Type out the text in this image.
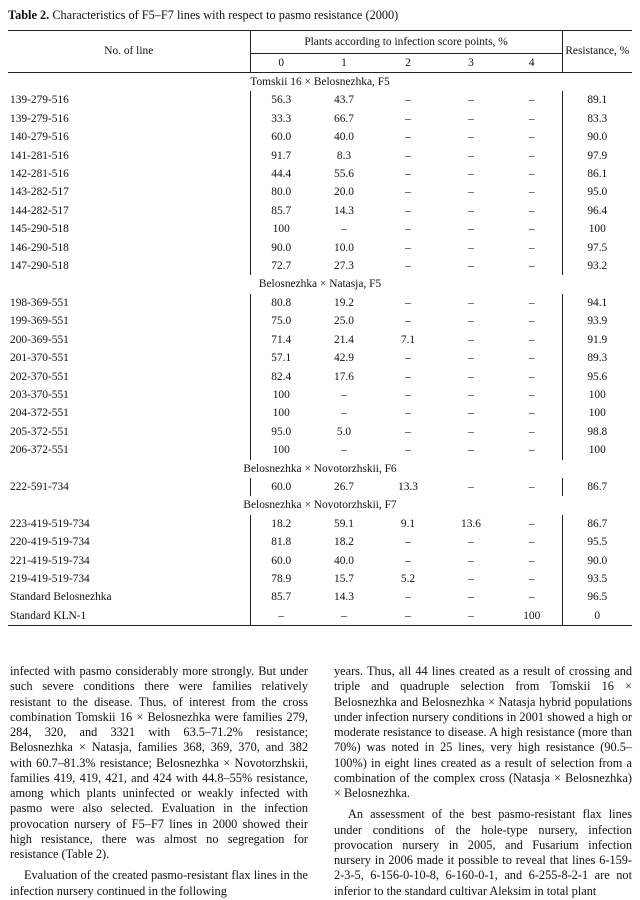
Table 2. Characteristics of F5–F7 lines with respect to pasmo resistance (2000)
No. of line	Plants according to infection score points, %					Resistance, %
	0	1	2	3	4	
Tomskii 16 × Belosnezhka, F5						
139-279-516	56.3	43.7	–	–	–	89.1
139-279-516	33.3	66.7	–	–	–	83.3
140-279-516	60.0	40.0	–	–	–	90.0
141-281-516	91.7	8.3	–	–	–	97.9
142-281-516	44.4	55.6	–	–	–	86.1
143-282-517	80.0	20.0	–	–	–	95.0
144-282-517	85.7	14.3	–	–	–	96.4
145-290-518	100	–	–	–	–	100
146-290-518	90.0	10.0	–	–	–	97.5
147-290-518	72.7	27.3	–	–	–	93.2
Belosnezhka × Natasja, F5						
198-369-551	80.8	19.2	–	–	–	94.1
199-369-551	75.0	25.0	–	–	–	93.9
200-369-551	71.4	21.4	7.1	–	–	91.9
201-370-551	57.1	42.9	–	–	–	89.3
202-370-551	82.4	17.6	–	–	–	95.6
203-370-551	100	–	–	–	–	100
204-372-551	100	–	–	–	–	100
205-372-551	95.0	5.0	–	–	–	98.8
206-372-551	100	–	–	–	–	100
Belosnezhka × Novotorzhskii, F6						
222-591-734	60.0	26.7	13.3	–	–	86.7
Belosnezhka × Novotorzhskii, F7						
223-419-519-734	18.2	59.1	9.1	13.6	–	86.7
220-419-519-734	81.8	18.2	–	–	–	95.5
221-419-519-734	60.0	40.0	–	–	–	90.0
219-419-519-734	78.9	15.7	5.2	–	–	93.5
Standard Belosnezhka	85.7	14.3	–	–	–	96.5
Standard KLN-1	–	–	–	–	100	0

infected with pasmo considerably more strongly. But under such severe conditions there were families relatively resistant to the disease. Thus, of interest from the cross combination Tomskii 16 × Belosnezhka were families 279, 284, 320, and 3321 with 63.5–71.2% resistance; Belosnezhka × Natasja, families 368, 369, 370, and 382 with 60.7–81.3% resistance; Belosnezhka × Novotorzhskii, families 419, 419, 421, and 424 with 44.8–55% resistance, among which plants uninfected or weakly infected with pasmo were also selected. Evaluation in the infection provocation nursery of F5–F7 lines in 2000 showed their high resistance, there was almost no segregation for resistance (Table 2).

Evaluation of the created pasmo-resistant flax lines in the infection nursery continued in the following

years. Thus, all 44 lines created as a result of crossing and triple and quadruple selection from Tomskii 16 × Belosnezhka and Belosnezhka × Natasja hybrid populations under infection nursery conditions in 2001 showed a high or moderate resistance to disease. A high resistance (more than 70%) was noted in 25 lines, very high resistance (90.5–100%) in eight lines created as a result of selection from a combination of the complex cross (Natasja × Belosnezhka) × Belosnezhka.

An assessment of the best pasmo-resistant flax lines under conditions of the hole-type nursery, infection provocation nursery in 2005, and Fusarium infection nursery in 2006 made it possible to reveal that lines 6-159-2-3-5, 6-156-0-10-8, 6-160-0-1, and 6-255-8-2-1 are not inferior to the standard cultivar Aleksim in total plant
